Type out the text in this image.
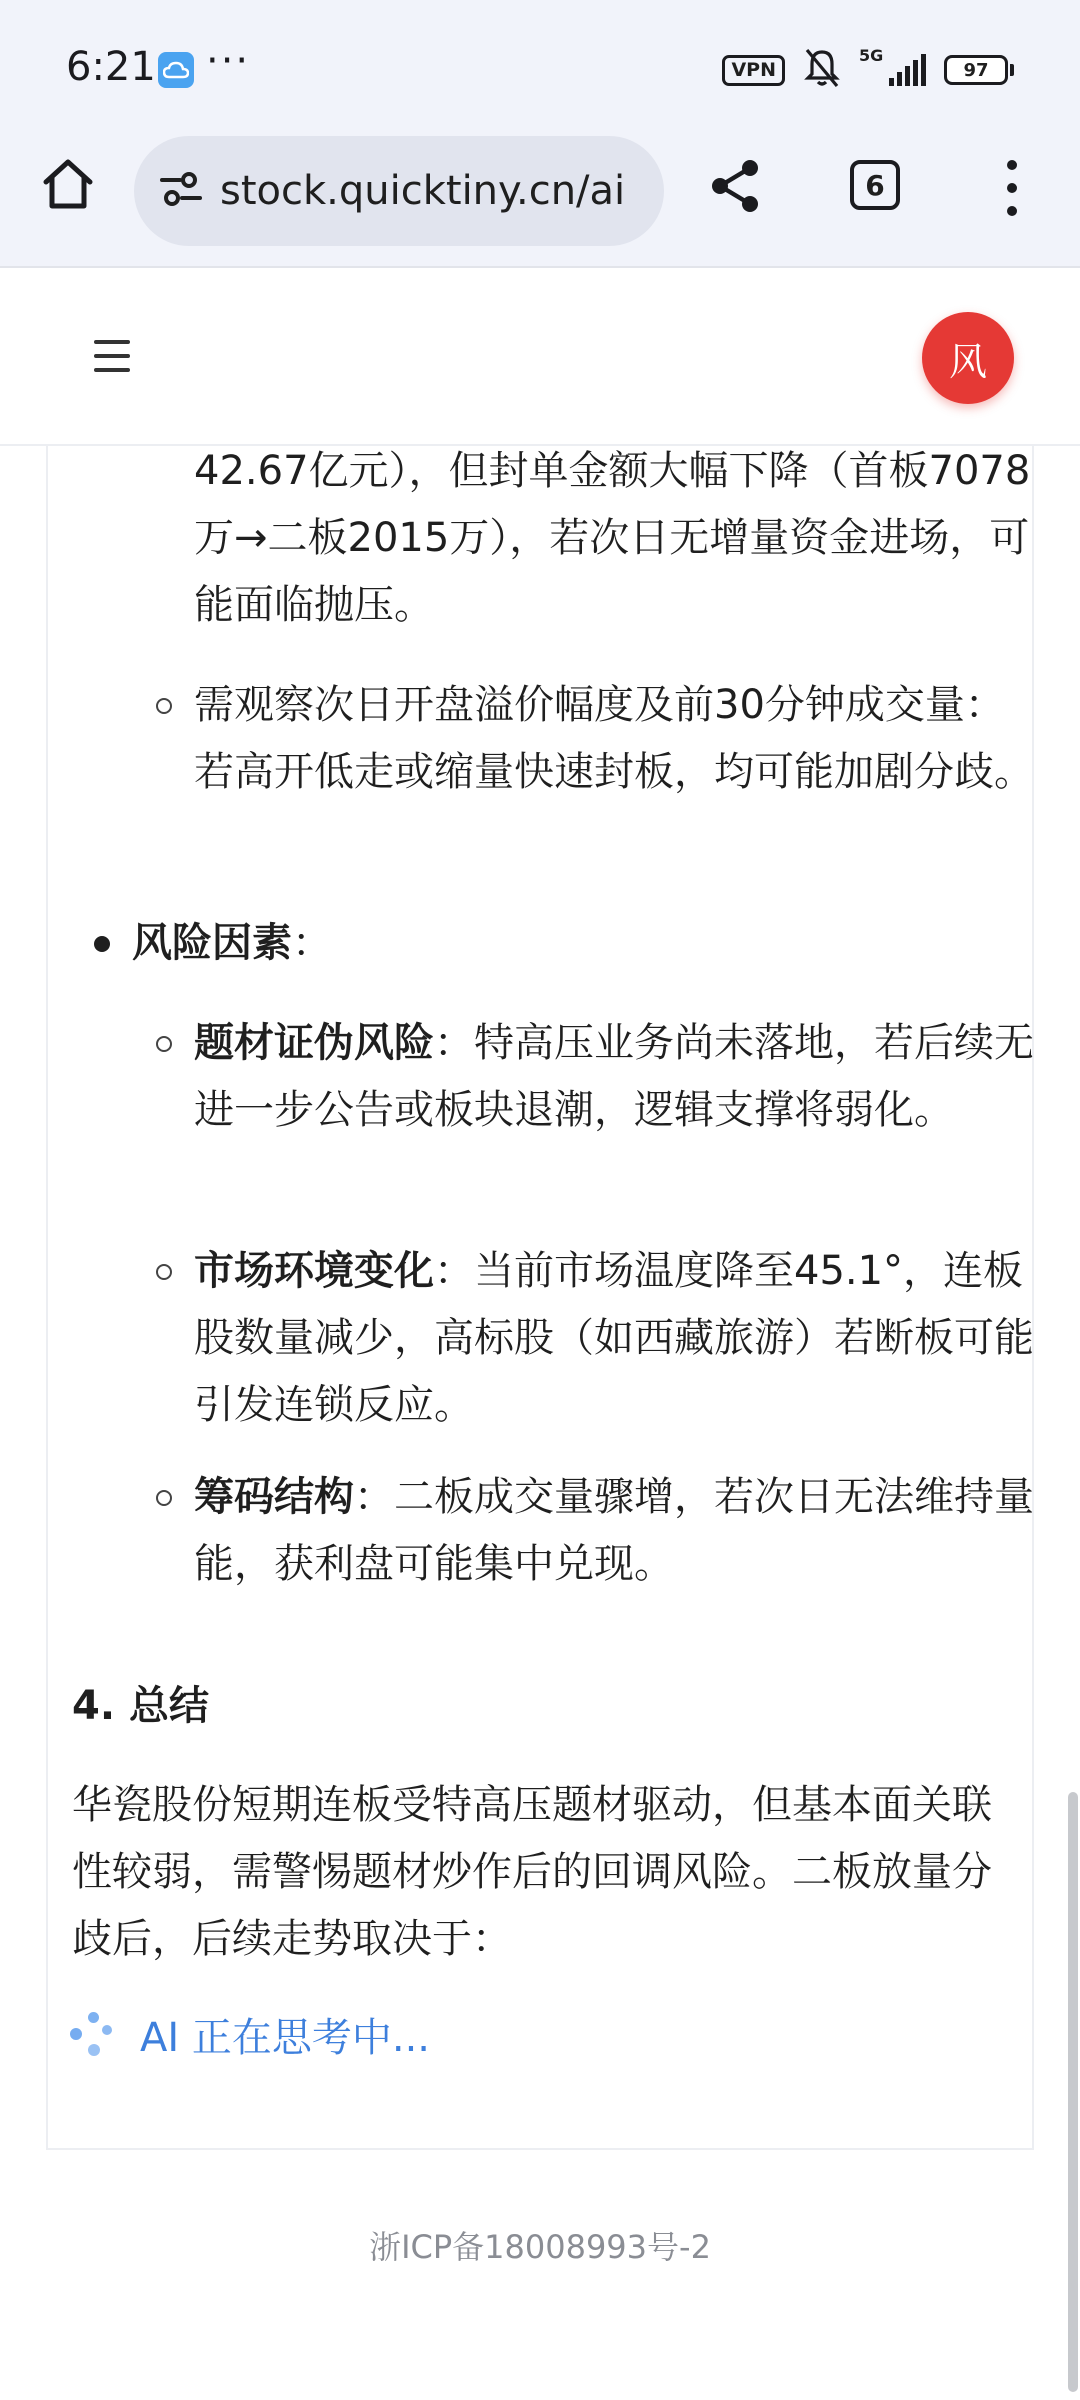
6:21 ···	VPN
5G
97
stock.quicktiny.cn/ai	6
风
42.67亿元），但封单金额大幅下降（首板7078万→二板2015万），若次日无增量资金进场，可能面临抛压。
需观察次日开盘溢价幅度及前30分钟成交量：若高开低走或缩量快速封板，均可能加剧分歧。
风险因素：
题材证伪风险：特高压业务尚未落地，若后续无进一步公告或板块退潮，逻辑支撑将弱化。
市场环境变化：当前市场温度降至45.1°，连板股数量减少，高标股（如西藏旅游）若断板可能引发连锁反应。
筹码结构：二板成交量骤增，若次日无法维持量能，获利盘可能集中兑现。
4. 总结
华瓷股份短期连板受特高压题材驱动，但基本面关联性较弱，需警惕题材炒作后的回调风险。二板放量分歧后，后续走势取决于：
AI 正在思考中...
浙ICP备18008993号-2
